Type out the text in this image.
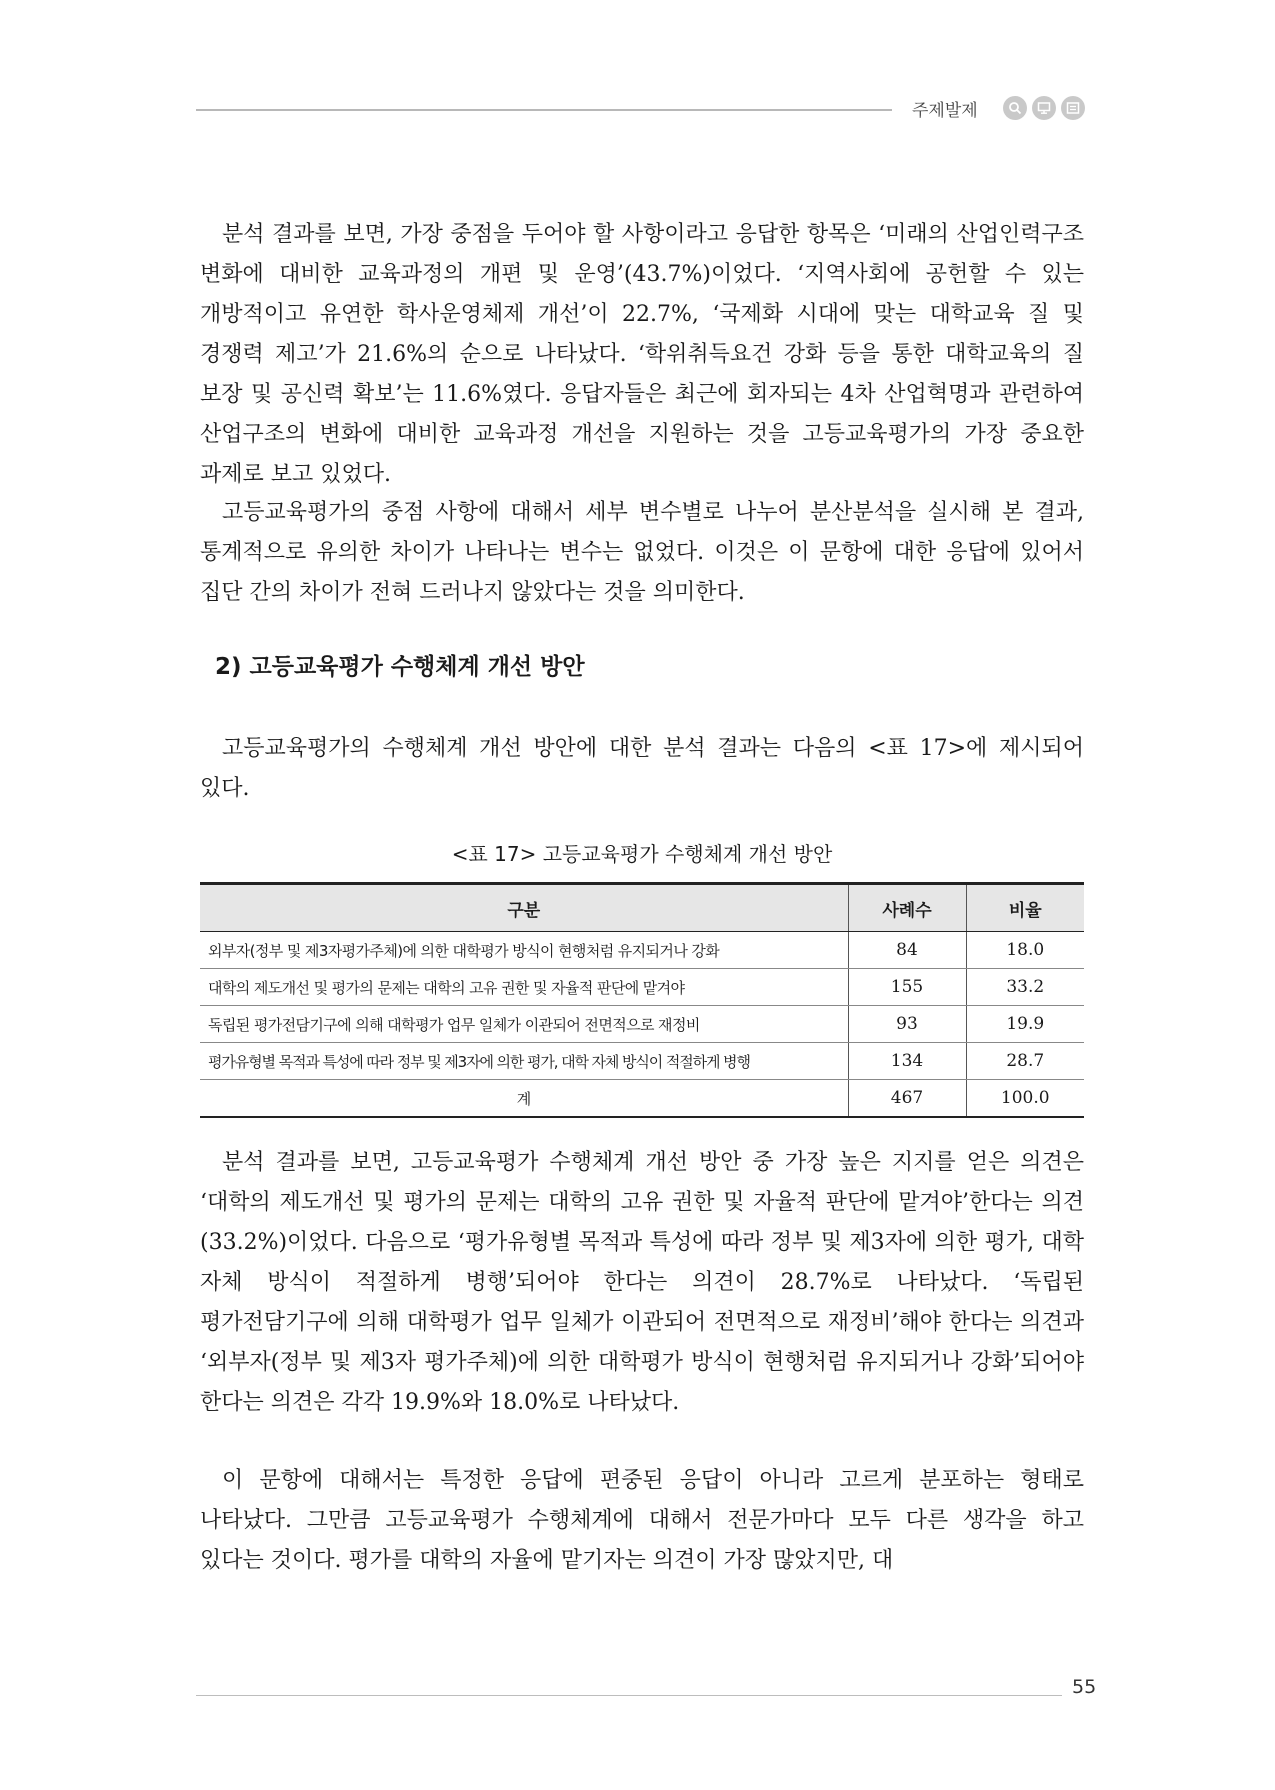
주제발제

분석 결과를 보면, 가장 중점을 두어야 할 사항이라고 응답한 항목은 ‘미래의 산업인력구조 변화에 대비한 교육과정의 개편 및 운영’(43.7%)이었다. ‘지역사회에 공헌할 수 있는 개방적이고 유연한 학사운영체제 개선’이 22.7%, ‘국제화 시대에 맞는 대학교육 질 및 경쟁력 제고’가 21.6%의 순으로 나타났다. ‘학위취득요건 강화 등을 통한 대학교육의 질 보장 및 공신력 확보’는 11.6%였다. 응답자들은 최근에 회자되는 4차 산업혁명과 관련하여 산업구조의 변화에 대비한 교육과정 개선을 지원하는 것을 고등교육평가의 가장 중요한 과제로 보고 있었다.

고등교육평가의 중점 사항에 대해서 세부 변수별로 나누어 분산분석을 실시해 본 결과, 통계적으로 유의한 차이가 나타나는 변수는 없었다. 이것은 이 문항에 대한 응답에 있어서 집단 간의 차이가 전혀 드러나지 않았다는 것을 의미한다.

2) 고등교육평가 수행체계 개선 방안

고등교육평가의 수행체계 개선 방안에 대한 분석 결과는 다음의 <표 17>에 제시되어 있다.

<표 17> 고등교육평가 수행체계 개선 방안
구분	사례수	비율
외부자(정부 및 제3자평가주체)에 의한 대학평가 방식이 현행처럼 유지되거나 강화	84	18.0
대학의 제도개선 및 평가의 문제는 대학의 고유 권한 및 자율적 판단에 맡겨야	155	33.2
독립된 평가전담기구에 의해 대학평가 업무 일체가 이관되어 전면적으로 재정비	93	19.9
평가유형별 목적과 특성에 따라 정부 및 제3자에 의한 평가, 대학 자체 방식이 적절하게 병행	134	28.7
계	467	100.0

분석 결과를 보면, 고등교육평가 수행체계 개선 방안 중 가장 높은 지지를 얻은 의견은 ‘대학의 제도개선 및 평가의 문제는 대학의 고유 권한 및 자율적 판단에 맡겨야’한다는 의견(33.2%)이었다. 다음으로 ‘평가유형별 목적과 특성에 따라 정부 및 제3자에 의한 평가, 대학 자체 방식이 적절하게 병행’되어야 한다는 의견이 28.7%로 나타났다. ‘독립된 평가전담기구에 의해 대학평가 업무 일체가 이관되어 전면적으로 재정비’해야 한다는 의견과 ‘외부자(정부 및 제3자 평가주체)에 의한 대학평가 방식이 현행처럼 유지되거나 강화’되어야 한다는 의견은 각각 19.9%와 18.0%로 나타났다.

이 문항에 대해서는 특정한 응답에 편중된 응답이 아니라 고르게 분포하는 형태로 나타났다. 그만큼 고등교육평가 수행체계에 대해서 전문가마다 모두 다른 생각을 하고 있다는 것이다. 평가를 대학의 자율에 맡기자는 의견이 가장 많았지만, 대

55
